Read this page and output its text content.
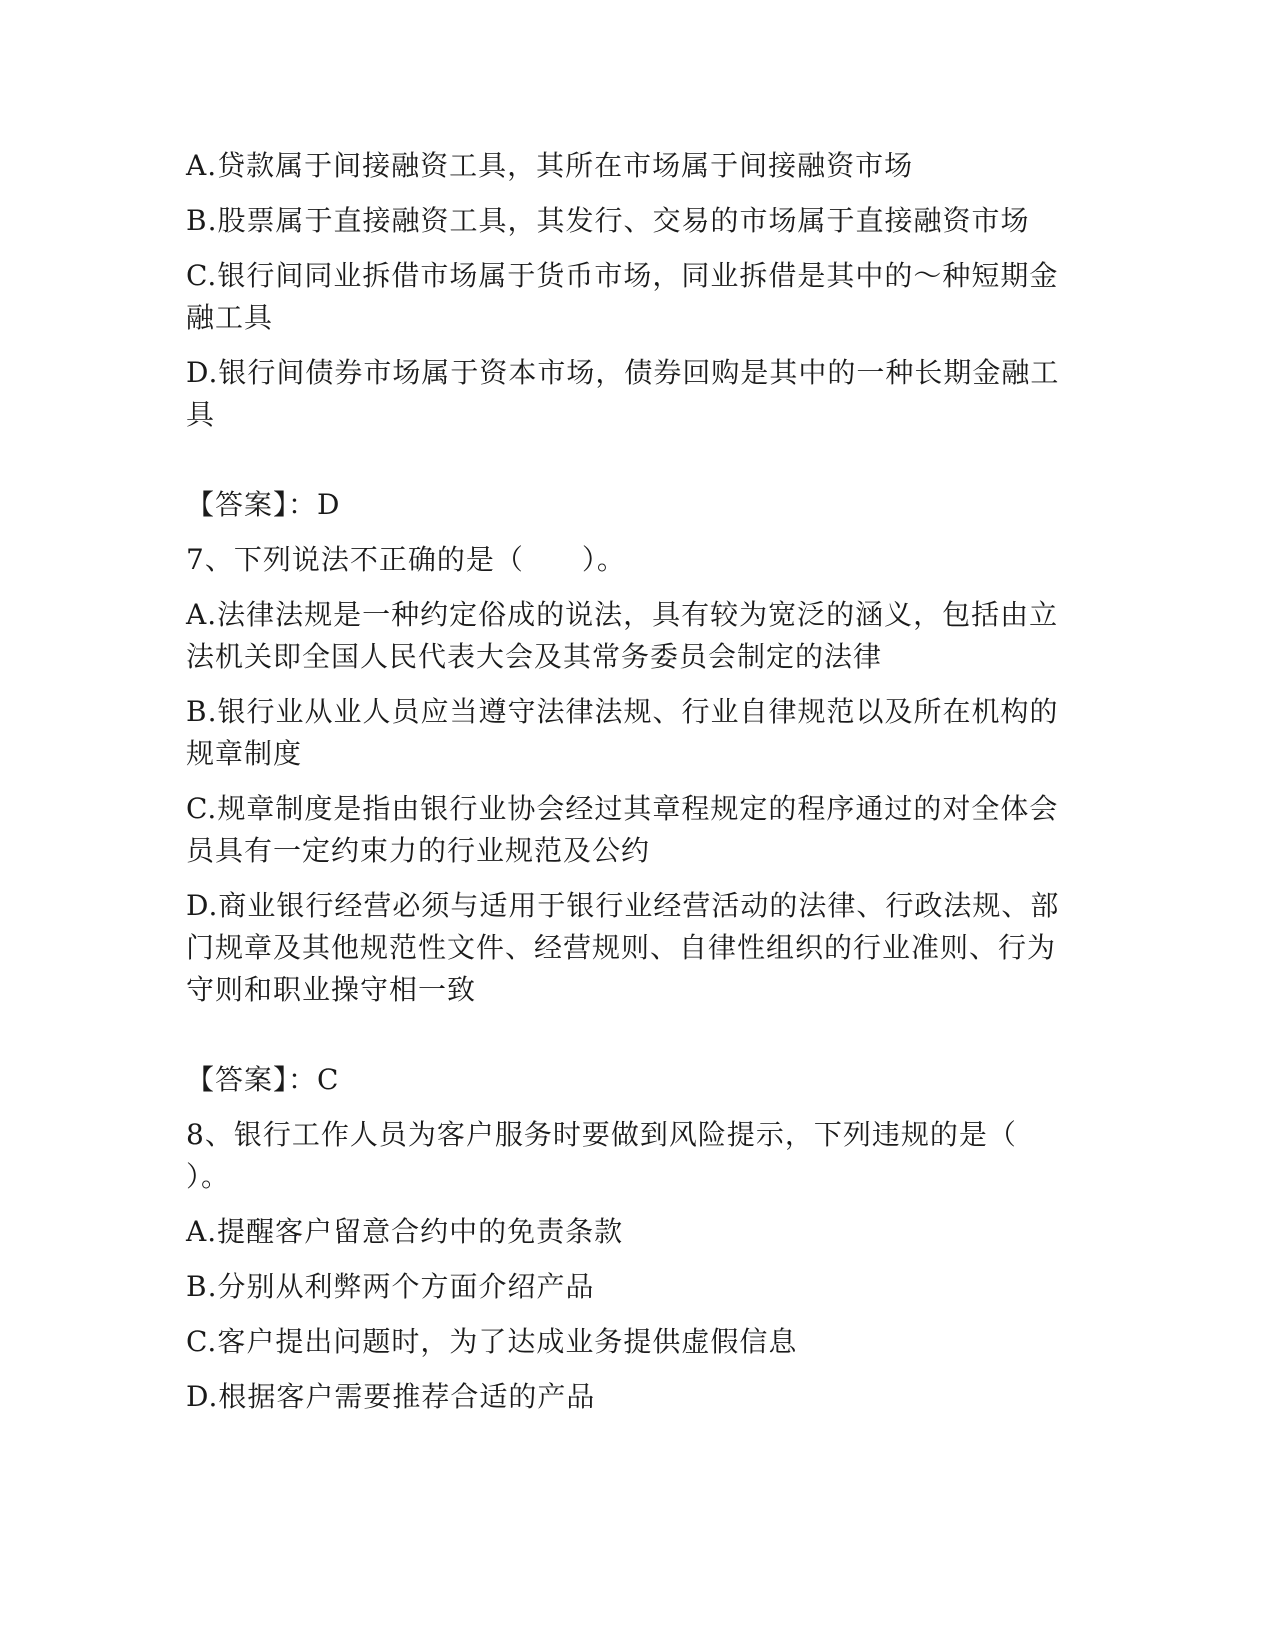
A.贷款属于间接融资工具，其所在市场属于间接融资市场
B.股票属于直接融资工具，其发行、交易的市场属于直接融资市场
C.银行间同业拆借市场属于货币市场，同业拆借是其中的～种短期金
融工具
D.银行间债券市场属于资本市场，债券回购是其中的一种长期金融工
具
【答案】：D
7、下列说法不正确的是（　　）。
A.法律法规是一种约定俗成的说法，具有较为宽泛的涵义，包括由立
法机关即全国人民代表大会及其常务委员会制定的法律
B.银行业从业人员应当遵守法律法规、行业自律规范以及所在机构的
规章制度
C.规章制度是指由银行业协会经过其章程规定的程序通过的对全体会
员具有一定约束力的行业规范及公约
D.商业银行经营必须与适用于银行业经营活动的法律、行政法规、部
门规章及其他规范性文件、经营规则、自律性组织的行业准则、行为
守则和职业操守相一致
【答案】：C
8、银行工作人员为客户服务时要做到风险提示，下列违规的是（
）。
A.提醒客户留意合约中的免责条款
B.分别从利弊两个方面介绍产品
C.客户提出问题时，为了达成业务提供虚假信息
D.根据客户需要推荐合适的产品
